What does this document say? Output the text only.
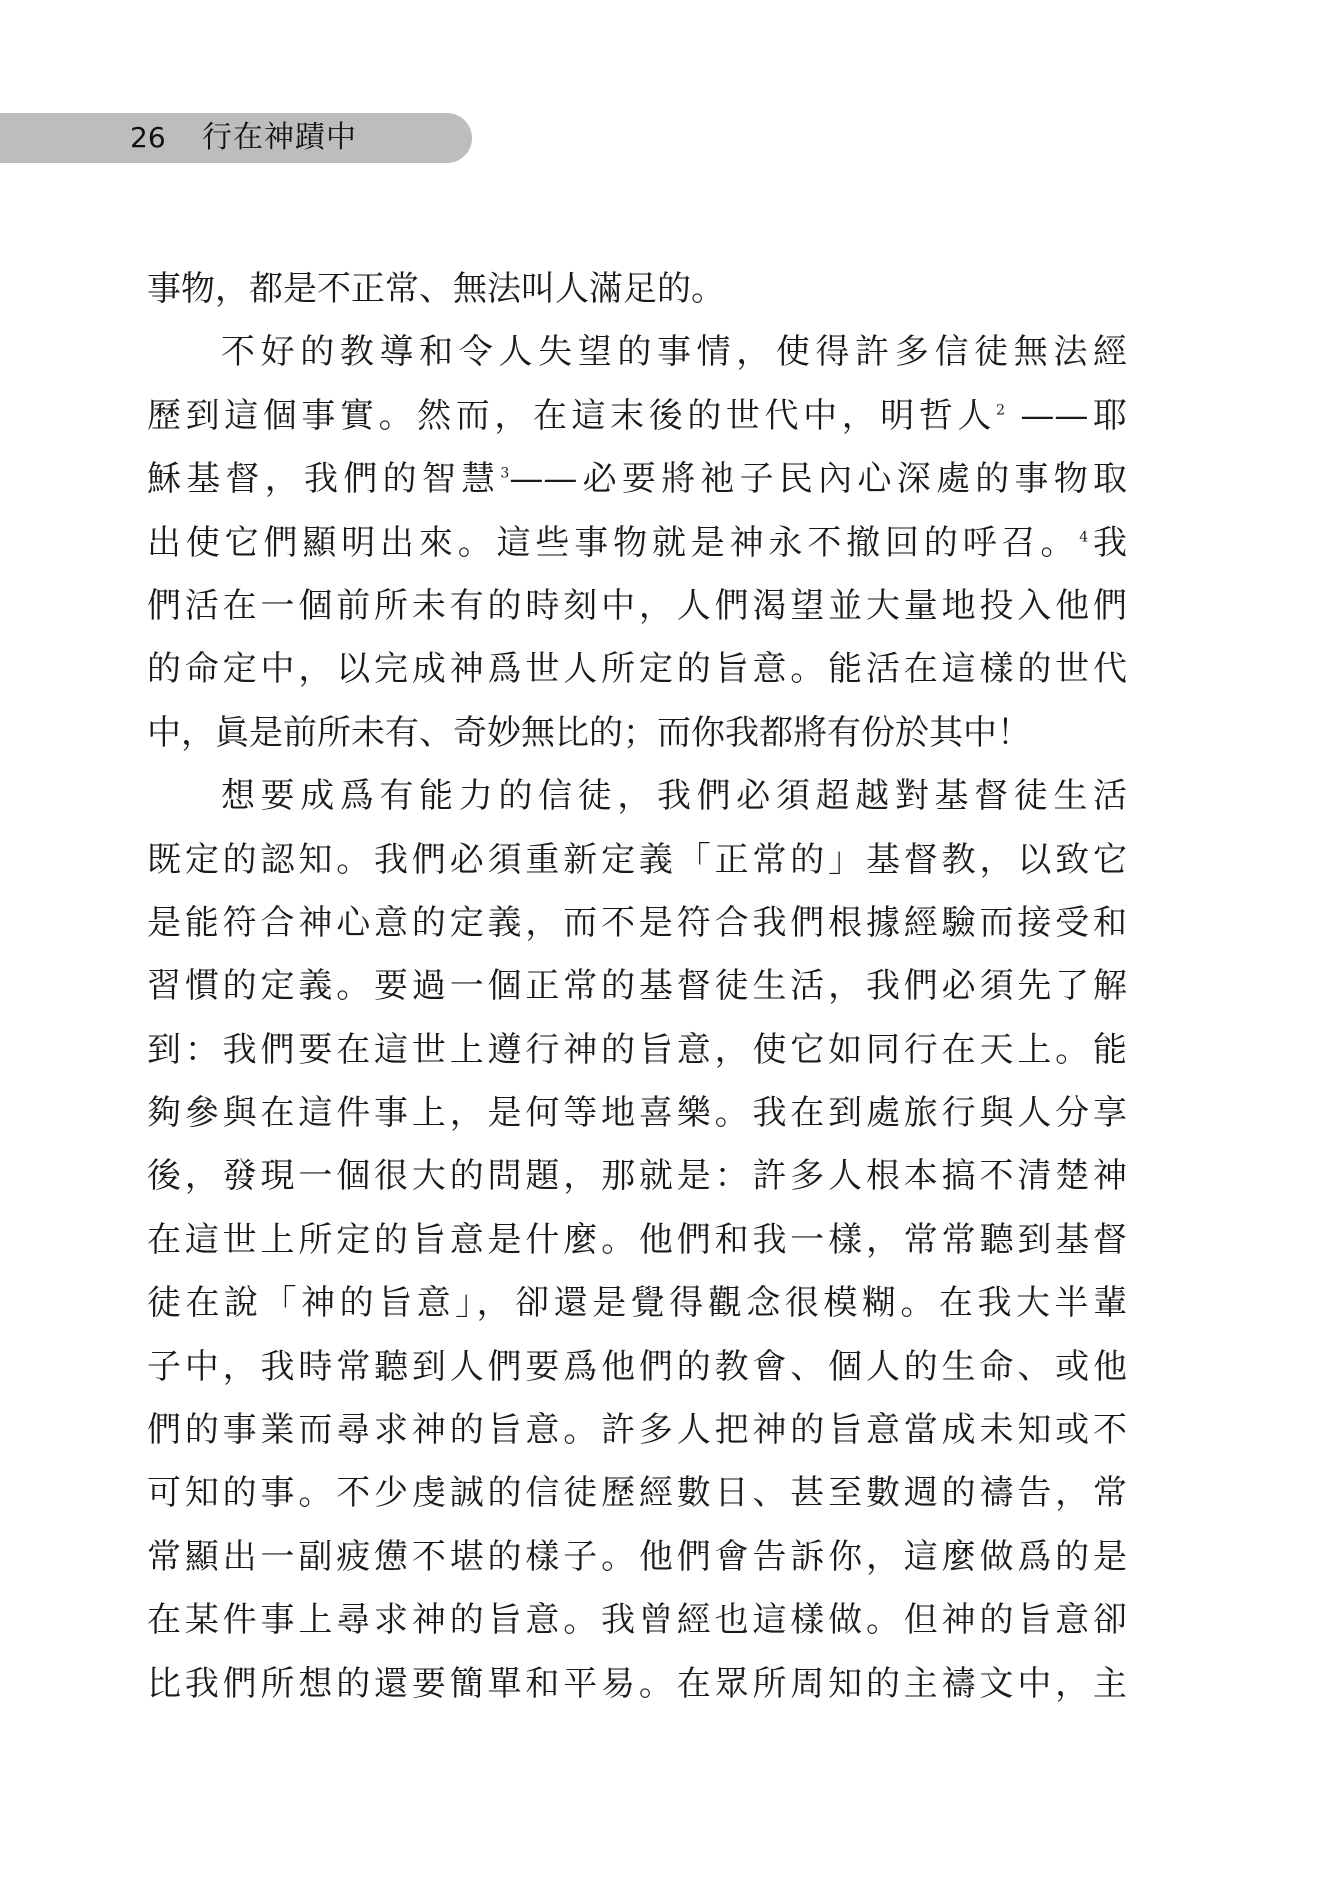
26 行在神蹟中
事物，都是不正常、無法叫人滿足的。
不好的教導和令人失望的事情，使得許多信徒無法經
歷到這個事實。然而，在這末後的世代中，明哲人$^2$ ——耶
穌基督，我們的智慧$^3$——必要將祂子民內心深處的事物取
出使它們顯明出來。這些事物就是神永不撤回的呼召。$^4$我
們活在一個前所未有的時刻中，人們渴望並大量地投入他們
的命定中，以完成神爲世人所定的旨意。能活在這樣的世代
中，眞是前所未有、奇妙無比的；而你我都將有份於其中！
想要成爲有能力的信徒，我們必須超越對基督徒生活
既定的認知。我們必須重新定義「正常的」基督教，以致它
是能符合神心意的定義，而不是符合我們根據經驗而接受和
習慣的定義。要過一個正常的基督徒生活，我們必須先了解
到：我們要在這世上遵行神的旨意，使它如同行在天上。能
夠參與在這件事上，是何等地喜樂。我在到處旅行與人分享
後，發現一個很大的問題，那就是：許多人根本搞不清楚神
在這世上所定的旨意是什麼。他們和我一樣，常常聽到基督
徒在說「神的旨意」，卻還是覺得觀念很模糊。在我大半輩
子中，我時常聽到人們要爲他們的教會、個人的生命、或他
們的事業而尋求神的旨意。許多人把神的旨意當成未知或不
可知的事。不少虔誠的信徒歷經數日、甚至數週的禱告，常
常顯出一副疲憊不堪的樣子。他們會告訴你，這麼做爲的是
在某件事上尋求神的旨意。我曾經也這樣做。但神的旨意卻
比我們所想的還要簡單和平易。在眾所周知的主禱文中，主
